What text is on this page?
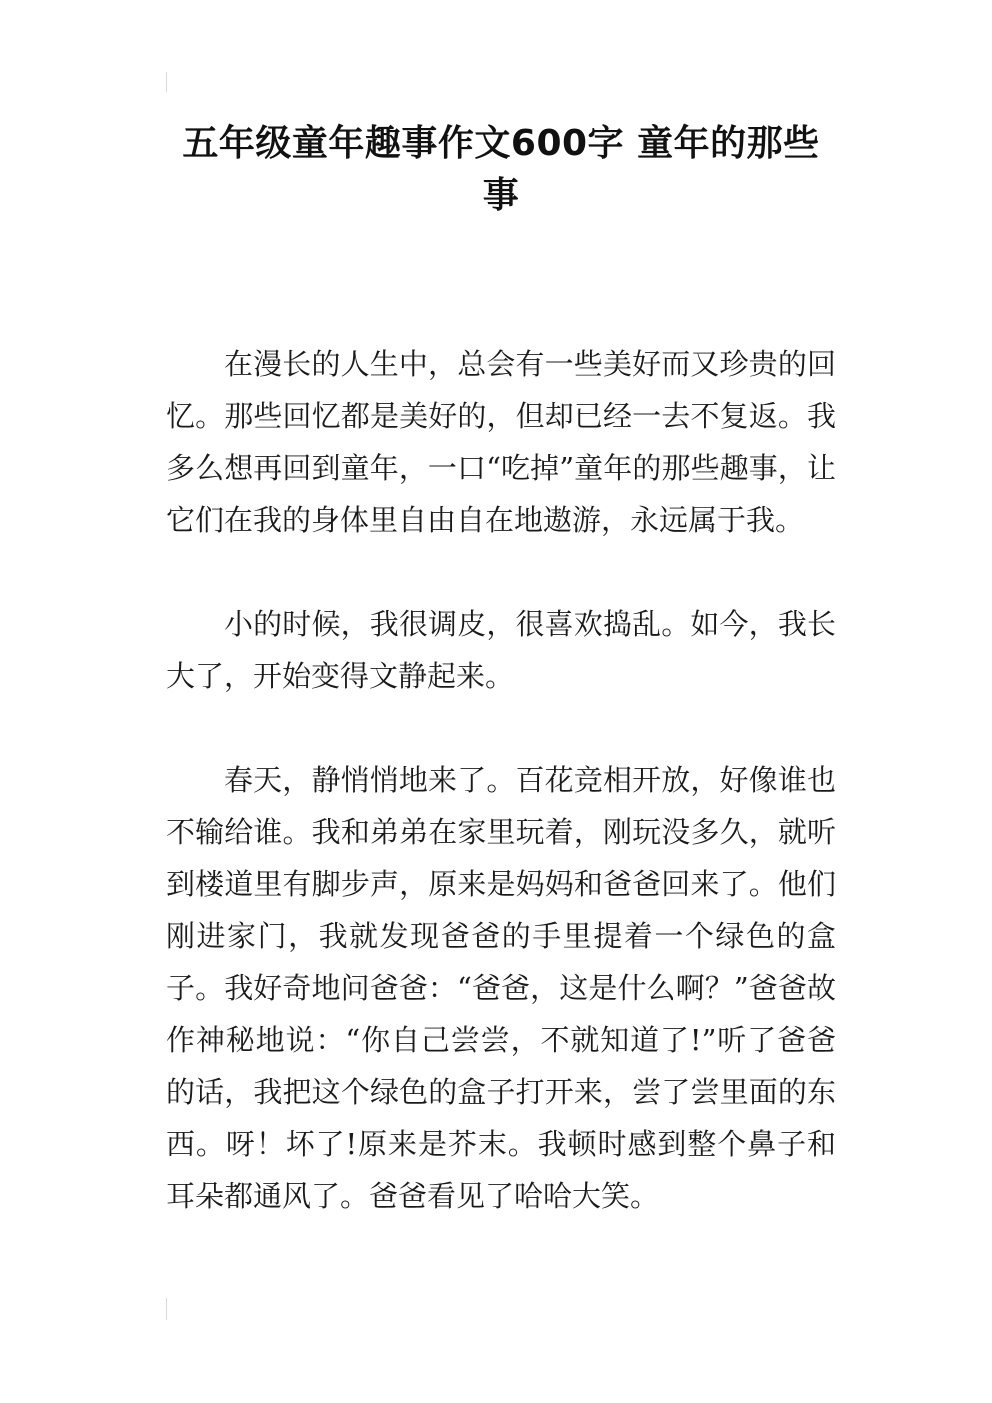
五年级童年趣事作文600字 童年的那些事

在漫长的人生中，总会有一些美好而又珍贵的回忆。那些回忆都是美好的，但却已经一去不复返。我多么想再回到童年，一口“吃掉”童年的那些趣事，让它们在我的身体里自由自在地遨游，永远属于我。

小的时候，我很调皮，很喜欢捣乱。如今，我长大了，开始变得文静起来。

春天，静悄悄地来了。百花竞相开放，好像谁也不输给谁。我和弟弟在家里玩着，刚玩没多久，就听到楼道里有脚步声，原来是妈妈和爸爸回来了。他们刚进家门，我就发现爸爸的手里提着一个绿色的盒子。我好奇地问爸爸：“爸爸，这是什么啊？”爸爸故作神秘地说：“你自己尝尝，不就知道了!”听了爸爸的话，我把这个绿色的盒子打开来，尝了尝里面的东西。呀！坏了!原来是芥末。我顿时感到整个鼻子和耳朵都通风了。爸爸看见了哈哈大笑。
